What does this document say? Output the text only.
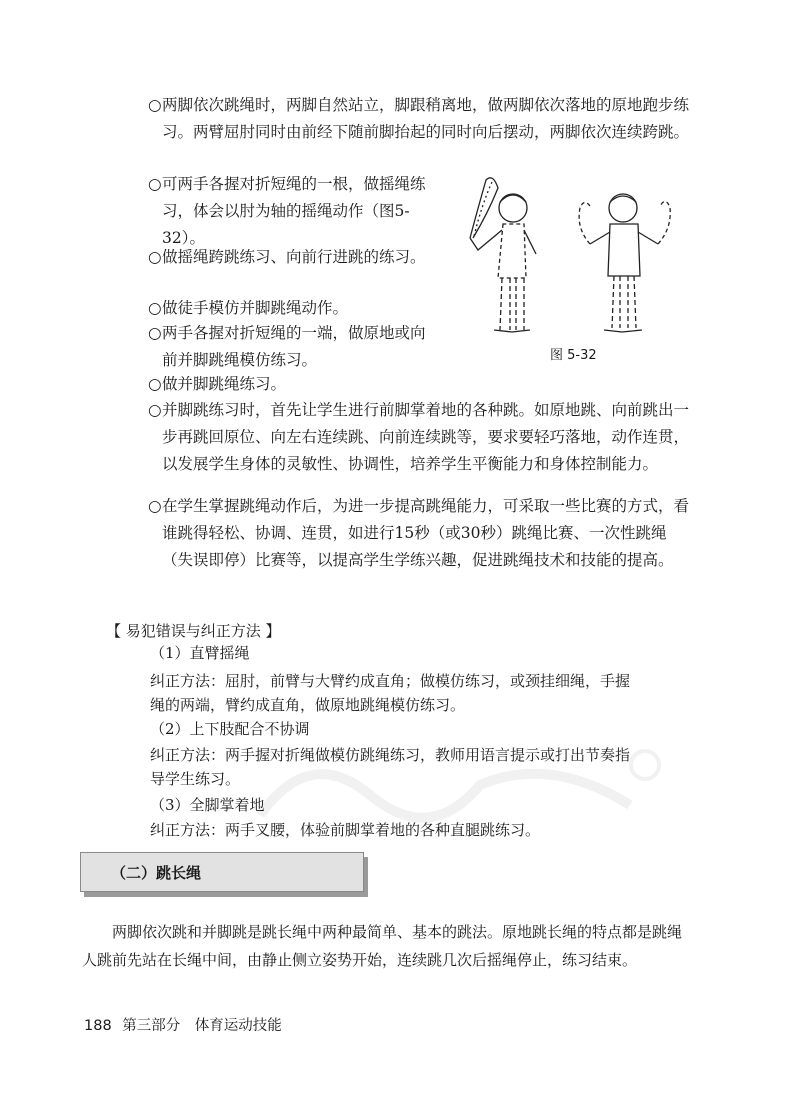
○ 两脚依次跳绳时，两脚自然站立，脚跟稍离地，做两脚依次落地的原地跑步练习。两臂屈肘同时由前经下随前脚抬起的同时向后摆动，两脚依次连续跨跳。
○ 可两手各握对折短绳的一根，做摇绳练习，体会以肘为轴的摇绳动作（图5-32）。
○ 做摇绳跨跳练习、向前行进跳的练习。
○ 做徒手模仿并脚跳绳动作。
○ 两手各握对折短绳的一端，做原地或向前并脚跳绳模仿练习。
○ 做并脚跳绳练习。
○ 并脚跳练习时，首先让学生进行前脚掌着地的各种跳。如原地跳、向前跳出一步再跳回原位、向左右连续跳、向前连续跳等，要求要轻巧落地，动作连贯，以发展学生身体的灵敏性、协调性，培养学生平衡能力和身体控制能力。
○ 在学生掌握跳绳动作后，为进一步提高跳绳能力，可采取一些比赛的方式，看谁跳得轻松、协调、连贯，如进行15秒（或30秒）跳绳比赛、一次性跳绳（失误即停）比赛等，以提高学生学练兴趣，促进跳绳技术和技能的提高。
图 5-32
【 易犯错误与纠正方法 】
（1）直臂摇绳
纠正方法：屈肘，前臂与大臂约成直角；做模仿练习，或颈挂细绳，手握
绳的两端，臂约成直角，做原地跳绳模仿练习。
（2）上下肢配合不协调
纠正方法：两手握对折绳做模仿跳绳练习，教师用语言提示或打出节奏指
导学生练习。
（3）全脚掌着地
纠正方法：两手叉腰，体验前脚掌着地的各种直腿跳练习。
（二）跳长绳
两脚依次跳和并脚跳是跳长绳中两种最简单、基本的跳法。原地跳长绳的特点都是跳绳人跳前先站在长绳中间，由静止侧立姿势开始，连续跳几次后摇绳停止，练习结束。
188 第三部分　体育运动技能
